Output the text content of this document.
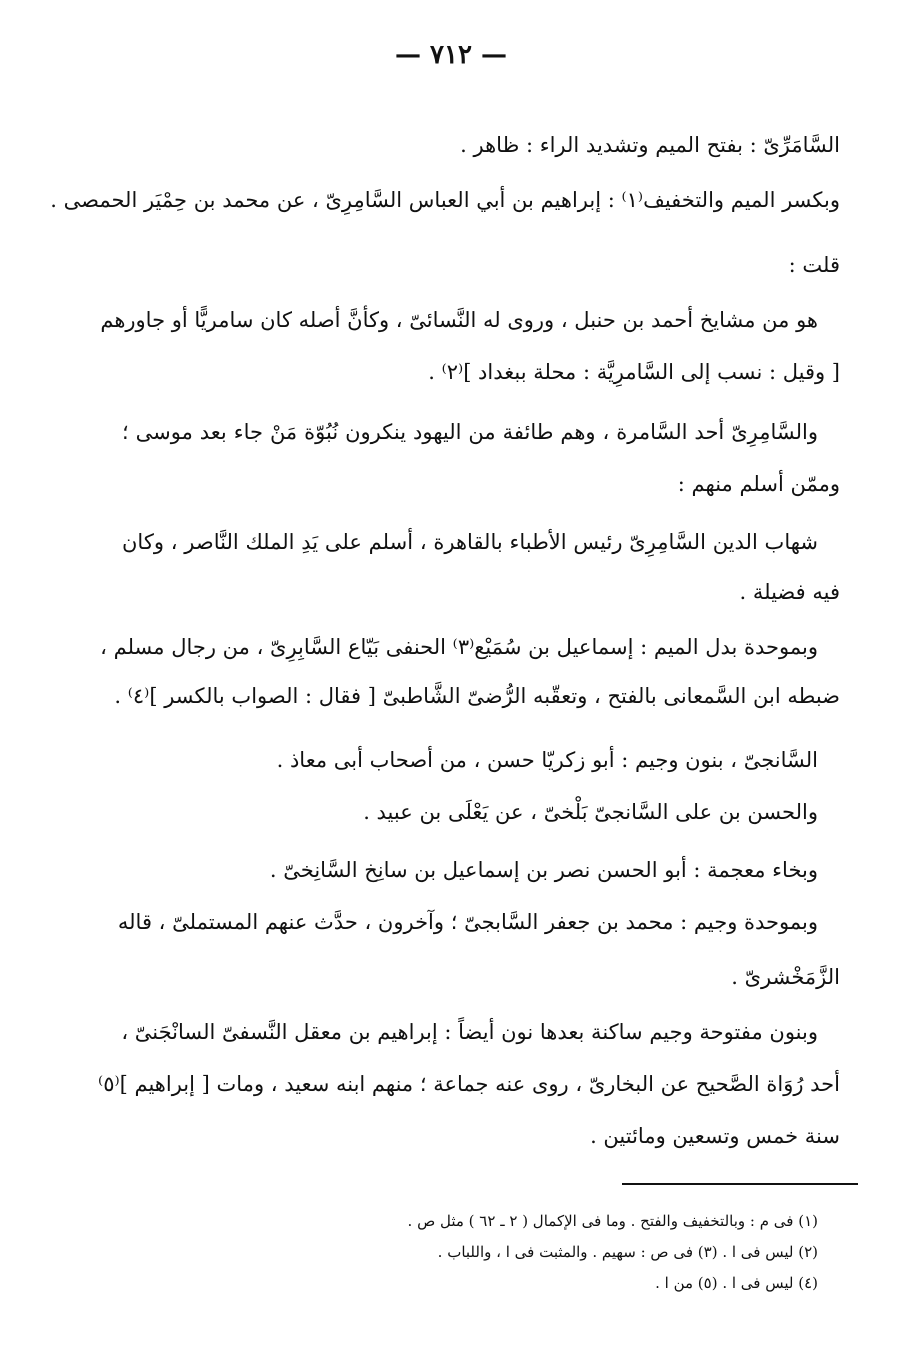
— ٧١٢ —

السَّامَرِّىّ : بفتح الميم وتشديد الراء : ظاهر .

وبكسر الميم والتخفيف⁽١⁾ : إبراهيم بن أبي العباس السَّامِرِىّ ، عن محمد بن حِمْيَر الحمصى .

قلت :

هو من مشايخ أحمد بن حنبل ، وروى له النَّسائىّ ، وكأنَّ أصله كان سامريًّا أو جاورهم

[ وقيل : نسب إلى السَّامرِيَّة : محلة ببغداد ]⁽٢⁾ .

والسَّامِرِىّ أحد السَّامرة ، وهم طائفة من اليهود ينكرون نُبُوّة مَنْ جاء بعد موسى ؛

وممّن أسلم منهم :

شهاب الدين السَّامِرِىّ رئيس الأطباء بالقاهرة ، أسلم على يَدِ الملك النَّاصر ، وكان

فيه فضيلة .

وبموحدة بدل الميم : إسماعيل بن سُمَيْع⁽٣⁾ الحنفى بَيّاع السَّابِرِىّ ، من رجال مسلم ،

ضبطه ابن السَّمعانى بالفتح ، وتعقّبه الرُّضىّ الشَّاطبىّ [ فقال : الصواب بالكسر ]⁽٤⁾ .

السَّانجىّ ، بنون وجيم : أبو زكريّا حسن ، من أصحاب أبى معاذ .

والحسن بن على السَّانجىّ بَلْخىّ ، عن يَعْلَى بن عبيد .

وبخاء معجمة : أبو الحسن نصر بن إسماعيل بن سانِخ السَّانِخىّ .

وبموحدة وجيم : محمد بن جعفر السَّابجىّ ؛ وآخرون ، حدَّث عنهم المستملىّ ، قاله

الزَّمَخْشرىّ .

وبنون مفتوحة وجيم ساكنة بعدها نون أيضاً : إبراهيم بن معقل النَّسفىّ السانْجَنىّ ،

أحد رُوَاة الصَّحيح عن البخارىّ ، روى عنه جماعة ؛ منهم ابنه سعيد ، ومات [ إبراهيم ]⁽٥⁾

سنة خمس وتسعين ومائتين .

(١) فى م : وبالتخفيف والفتح . وما فى الإكمال ( ٢ ـ ٦٢ ) مثل ص .

(٢) ليس فى ا . (٣) فى ص : سهيم . والمثبت فى ا ، واللباب .

(٤) ليس فى ا . (٥) من ا .
